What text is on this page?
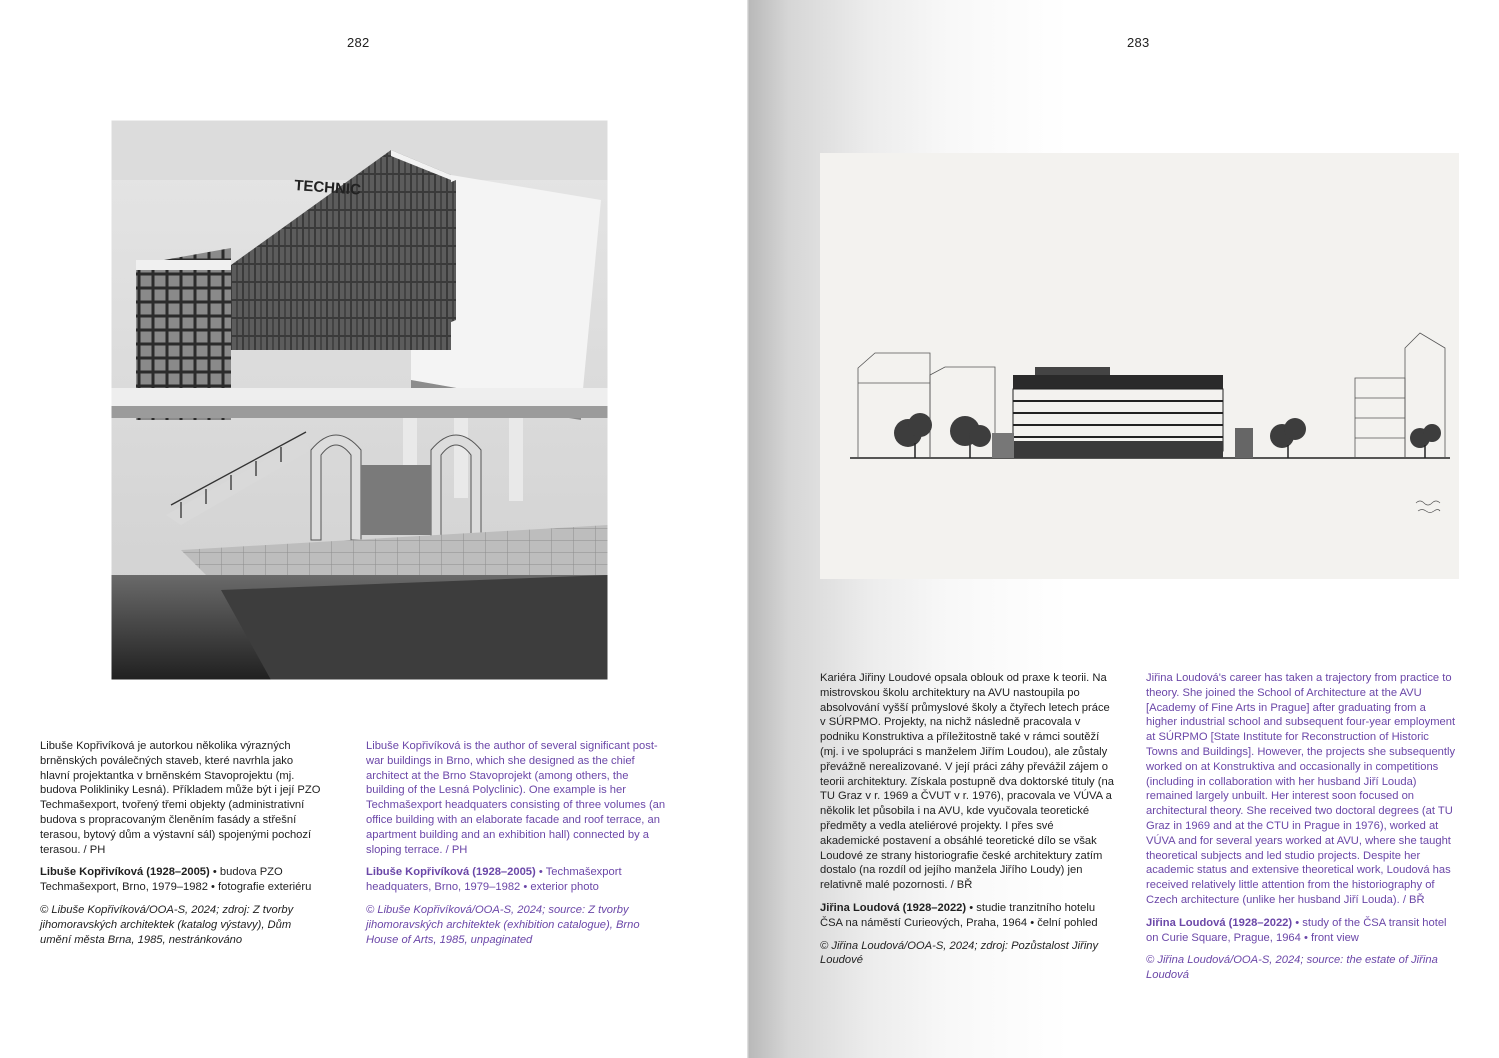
282
TECHNIC

Libuše Kopřivíková je autorkou několika výrazných brněnských poválečných staveb, které navrhla jako hlavní projektantka v brněnském Stavoprojektu (mj. budova Polikliniky Lesná). Příkladem může být i její PZO Techmašexport, tvořený třemi objekty (administrativní budova s propracovaným členěním fasády a střešní terasou, bytový dům a výstavní sál) spojenými pochozí terasou. / PH

Libuše Kopřivíková (1928–2005) • budova PZO Techmašexport, Brno, 1979–1982 • fotografie exteriéru

© Libuše Kopřivíková/OOA-S, 2024; zdroj: Z tvorby jihomoravských architektek (katalog výstavy), Dům umění města Brna, 1985, nestránkováno

Libuše Kopřivíková is the author of several significant post-war buildings in Brno, which she designed as the chief architect at the Brno Stavoprojekt (among others, the building of the Lesná Polyclinic). One example is her Techmašexport headquaters consisting of three volumes (an office building with an elaborate facade and roof terrace, an apartment building and an exhibition hall) connected by a sloping terrace. / PH

Libuše Kopřivíková (1928–2005) • Techmašexport headquaters, Brno, 1979–1982 • exterior photo

© Libuše Kopřivíková/OOA-S, 2024; source: Z tvorby jihomoravských architektek (exhibition catalogue), Brno House of Arts, 1985, unpaginated

283

Kariéra Jiřiny Loudové opsala oblouk od praxe k teorii. Na mistrovskou školu architektury na AVU nastoupila po absolvování vyšší průmyslové školy a čtyřech letech práce v SÚRPMO. Projekty, na nichž následně pracovala v podniku Konstruktiva a příležitostně také v rámci soutěží (mj. i ve spolupráci s manželem Jiřím Loudou), ale zůstaly převážně nerealizované. V její práci záhy převážil zájem o teorii architektury. Získala postupně dva doktorské tituly (na TU Graz v r. 1969 a ČVUT v r. 1976), pracovala ve VÚVA a několik let působila i na AVU, kde vyučovala teoretické předměty a vedla ateliérové projekty. I přes své akademické postavení a obsáhlé teoretické dílo se však Loudové ze strany historiografie české architektury zatím dostalo (na rozdíl od jejího manžela Jiřího Loudy) jen relativně malé pozornosti. / BŘ

Jiřina Loudová (1928–2022) • studie tranzitního hotelu ČSA na náměstí Curieových, Praha, 1964 • čelní pohled

© Jiřina Loudová/OOA-S, 2024; zdroj: Pozůstalost Jiřiny Loudové

Jiřina Loudová's career has taken a trajectory from practice to theory. She joined the School of Architecture at the AVU [Academy of Fine Arts in Prague] after graduating from a higher industrial school and subsequent four-year employment at SÚRPMO [State Institute for Reconstruction of Historic Towns and Buildings]. However, the projects she subsequently worked on at Konstruktiva and occasionally in competitions (including in collaboration with her husband Jiří Louda) remained largely unbuilt. Her interest soon focused on architectural theory. She received two doctoral degrees (at TU Graz in 1969 and at the CTU in Prague in 1976), worked at VÚVA and for several years worked at AVU, where she taught theoretical subjects and led studio projects. Despite her academic status and extensive theoretical work, Loudová has received relatively little attention from the historiography of Czech architecture (unlike her husband Jiří Louda). / BŘ

Jiřina Loudová (1928–2022) • study of the ČSA transit hotel on Curie Square, Prague, 1964 • front view

© Jiřina Loudová/OOA-S, 2024; source: the estate of Jiřina Loudová
